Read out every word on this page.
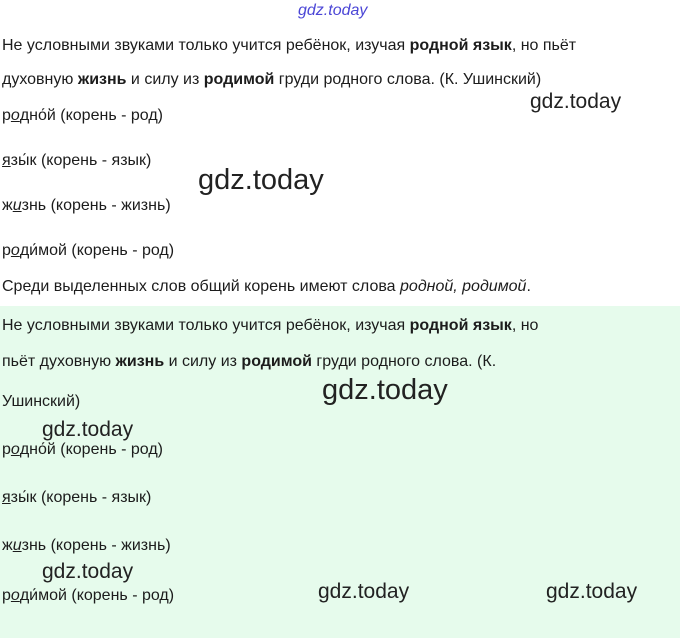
gdz.today
Не условными звуками только учится ребёнок, изучая родной язык, но пьёт
духовную жизнь и силу из родимой груди родного слова. (К. Ушинский)
gdz.today
родно́й (корень - род)
язы́к (корень - язык)
gdz.today
жизнь (корень - жизнь)
роди́мой (корень - род)
Среди выделенных слов общий корень имеют слова родной, родимой.
Не условными звуками только учится ребёнок, изучая родной язык, но
пьёт духовную жизнь и силу из родимой груди родного слова. (К.
gdz.today
Ушинский)
gdz.today
родно́й (корень - род)
язы́к (корень - язык)
жизнь (корень - жизнь)
gdz.today
роди́мой (корень - род)	gdz.today	gdz.today
